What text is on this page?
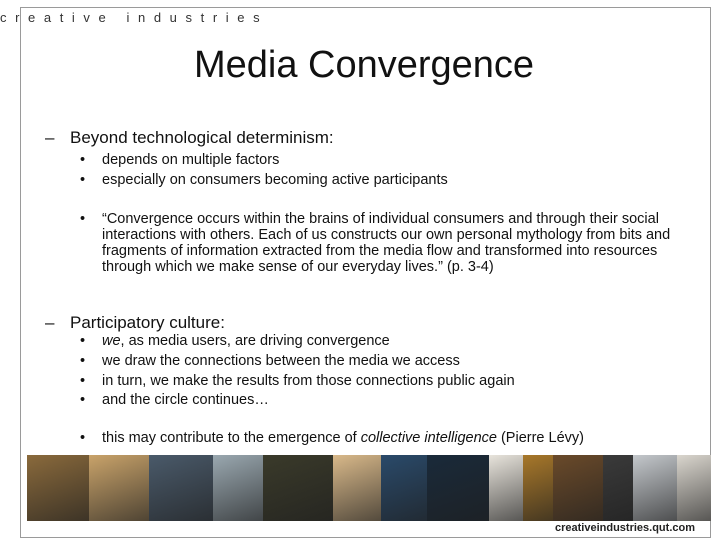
creative industries
Media Convergence
– Beyond technological determinism:
• depends on multiple factors
• especially on consumers becoming active participants
• “Convergence occurs within the brains of individual consumers and through their social interactions with others. Each of us constructs our own personal mythology from bits and fragments of information extracted from the media flow and transformed into resources through which we make sense of our everyday lives.” (p. 3-4)
– Participatory culture:
• we, as media users, are driving convergence
• we draw the connections between the media we access
• in turn, we make the results from those connections public again
• and the circle continues…
• this may contribute to the emergence of collective intelligence (Pierre Lévy)
creativeindustries.qut.com
